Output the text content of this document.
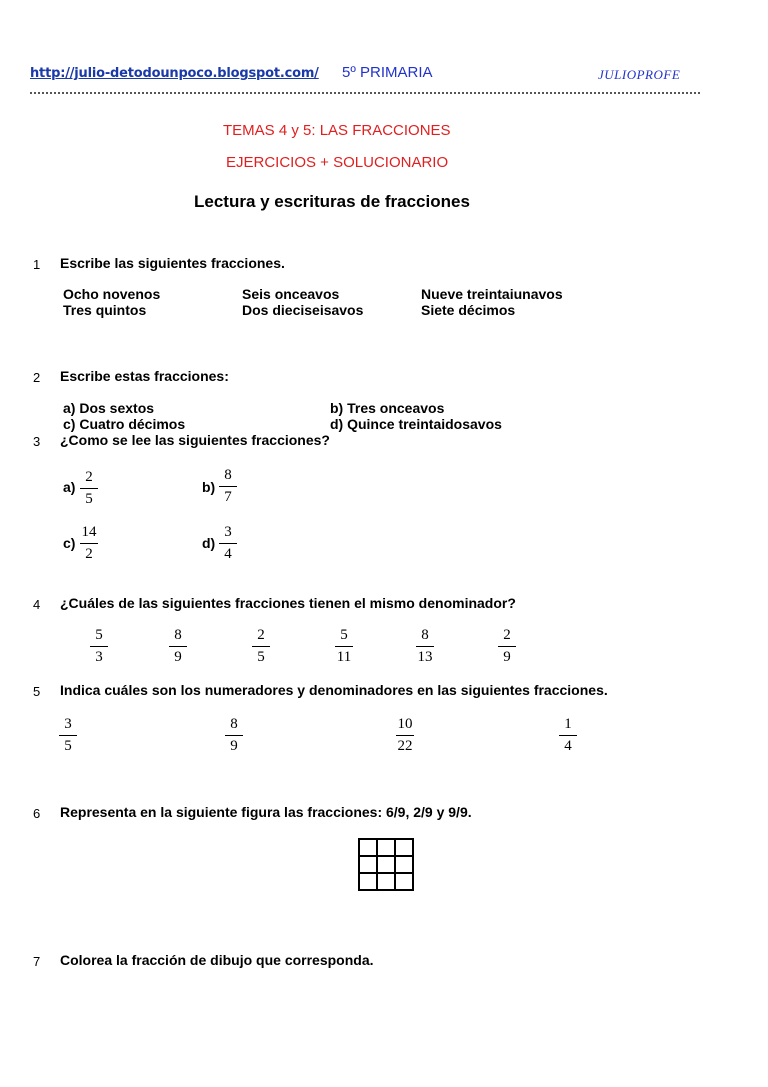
http://julio-detodounpoco.blogspot.com/ 5º PRIMARIA	JULIOPROFE
TEMAS 4 y 5: LAS FRACCIONES
EJERCICIOS + SOLUCIONARIO
Lectura y escrituras de fracciones
1 Escribe las siguientes fracciones.
Ocho novenos	Seis onceavos	Nueve treintaiunavos
Tres quintos	Dos dieciseisavos	Siete décimos
2 Escribe estas fracciones:
a) Dos sextos	b) Tres onceavos
c) Cuatro décimos	d) Quince treintaidosavos
3 ¿Como se lee las siguientes fracciones?
a)
2
5
b)
8
7
c)
14
2
d)
3
4
4 ¿Cuáles de las siguientes fracciones tienen el mismo denominador?
5
3
8
9
2
5
5
11
8
13
2
9
5 Indica cuáles son los numeradores y denominadores en las siguientes fracciones.
3
5
8
9
10
22
1
4
6 Representa en la siguiente figura las fracciones: 6/9, 2/9 y 9/9.
7 Colorea la fracción de dibujo que corresponda.
